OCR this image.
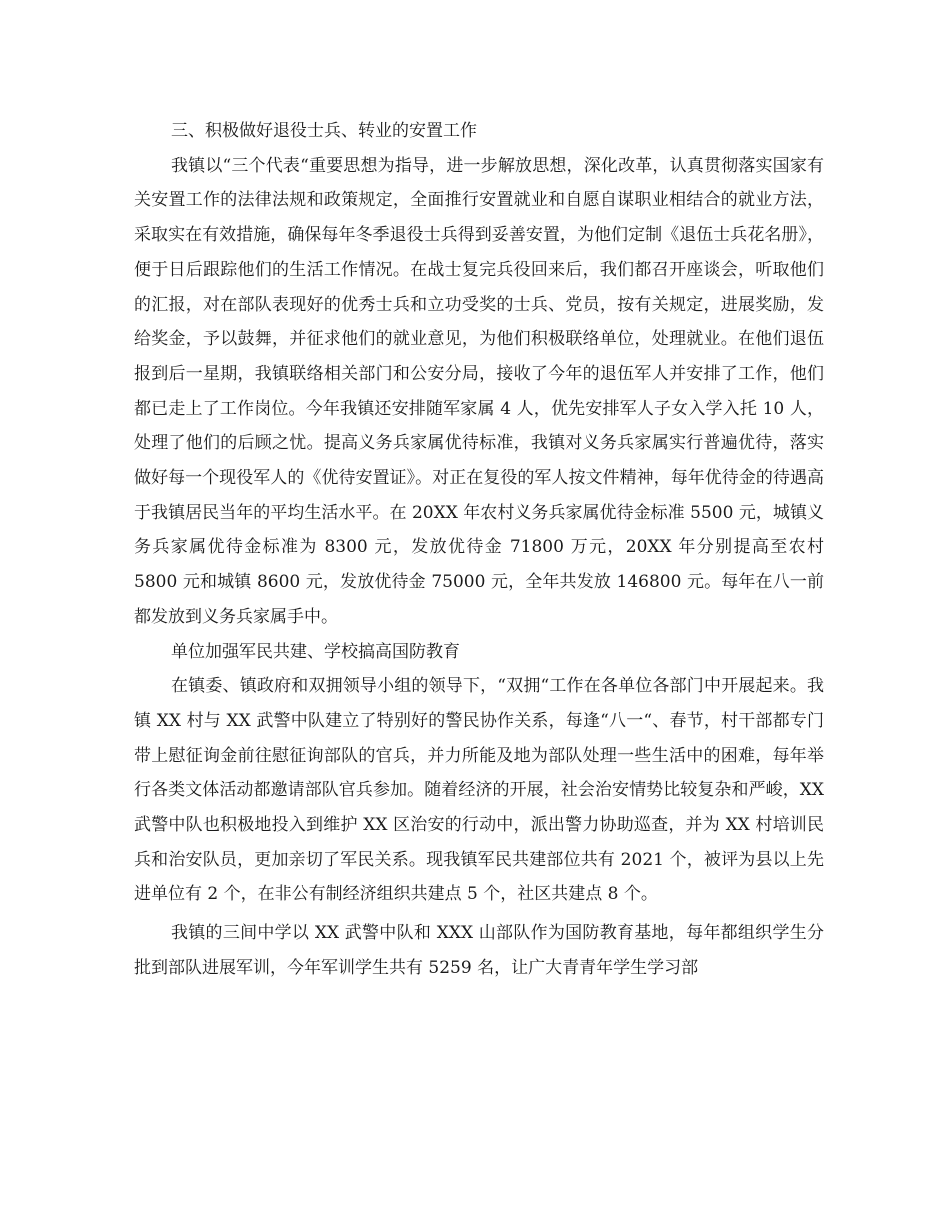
三、积极做好退役士兵、转业的安置工作

我镇以“三个代表“重要思想为指导，进一步解放思想，深化改革，认真贯彻落实国家有关安置工作的法律法规和政策规定，全面推行安置就业和自愿自谋职业相结合的就业方法，采取实在有效措施，确保每年冬季退役士兵得到妥善安置，为他们定制《退伍士兵花名册》，便于日后跟踪他们的生活工作情况。在战士复完兵役回来后，我们都召开座谈会，听取他们的汇报，对在部队表现好的优秀士兵和立功受奖的士兵、党员，按有关规定，进展奖励，发给奖金，予以鼓舞，并征求他们的就业意见，为他们积极联络单位，处理就业。在他们退伍报到后一星期，我镇联络相关部门和公安分局，接收了今年的退伍军人并安排了工作，他们都已走上了工作岗位。今年我镇还安排随军家属 4 人，优先安排军人子女入学入托 10 人，处理了他们的后顾之忧。提高义务兵家属优待标准，我镇对义务兵家属实行普遍优待，落实做好每一个现役军人的《优待安置证》。对正在复役的军人按文件精神，每年优待金的待遇高于我镇居民当年的平均生活水平。在 20XX 年农村义务兵家属优待金标准 5500 元，城镇义务兵家属优待金标准为 8300 元，发放优待金 71800 万元，20XX 年分别提高至农村 5800 元和城镇 8600 元，发放优待金 75000 元，全年共发放 146800 元。每年在八一前都发放到义务兵家属手中。

单位加强军民共建、学校搞高国防教育

在镇委、镇政府和双拥领导小组的领导下，“双拥“工作在各单位各部门中开展起来。我镇 XX 村与 XX 武警中队建立了特别好的警民协作关系，每逢“八一“、春节，村干部都专门带上慰征询金前往慰征询部队的官兵，并力所能及地为部队处理一些生活中的困难，每年举行各类文体活动都邀请部队官兵参加。随着经济的开展，社会治安情势比较复杂和严峻，XX 武警中队也积极地投入到维护 XX 区治安的行动中，派出警力协助巡查，并为 XX 村培训民兵和治安队员，更加亲切了军民关系。现我镇军民共建部位共有 2021 个，被评为县以上先进单位有 2 个，在非公有制经济组织共建点 5 个，社区共建点 8 个。

我镇的三间中学以 XX 武警中队和 XXX 山部队作为国防教育基地，每年都组织学生分批到部队进展军训，今年军训学生共有 5259 名，让广大青青年学生学习部
